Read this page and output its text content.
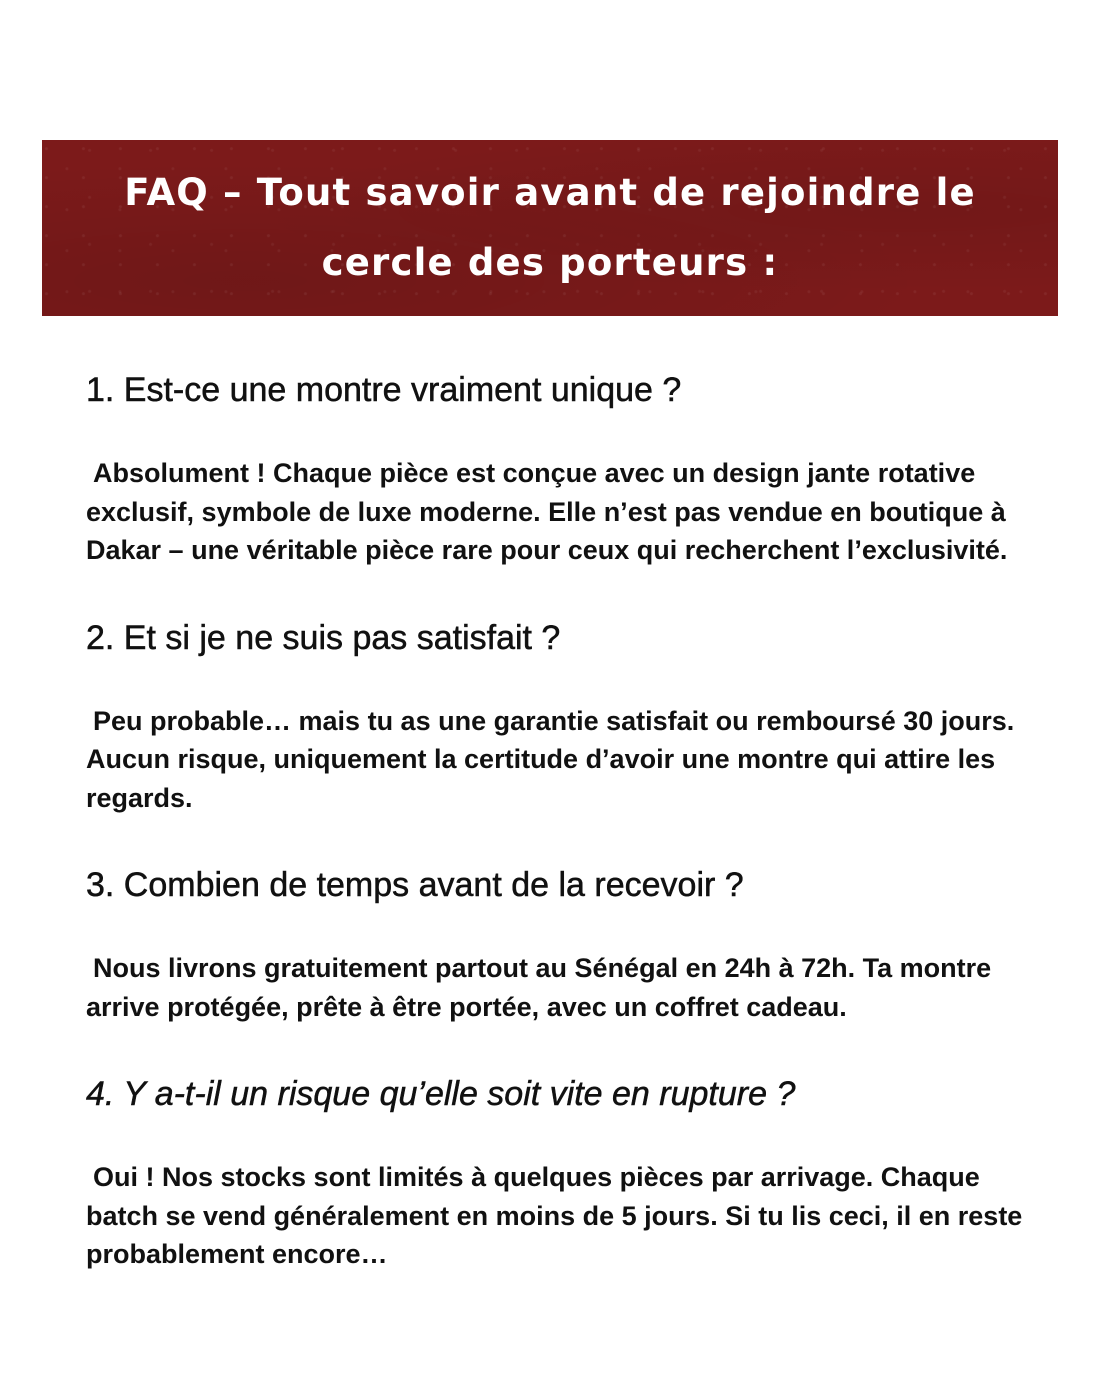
FAQ – Tout savoir avant de rejoindre le cercle des porteurs :
1. Est-ce une montre vraiment unique ?

Absolument ! Chaque pièce est conçue avec un design jante rotative exclusif, symbole de luxe moderne. Elle n’est pas vendue en boutique à Dakar – une véritable pièce rare pour ceux qui recherchent l’exclusivité.

2. Et si je ne suis pas satisfait ?

Peu probable… mais tu as une garantie satisfait ou remboursé 30 jours. Aucun risque, uniquement la certitude d’avoir une montre qui attire les regards.

3. Combien de temps avant de la recevoir ?

Nous livrons gratuitement partout au Sénégal en 24h à 72h. Ta montre arrive protégée, prête à être portée, avec un coffret cadeau.

4. Y a-t-il un risque qu’elle soit vite en rupture ?

Oui ! Nos stocks sont limités à quelques pièces par arrivage. Chaque batch se vend généralement en moins de 5 jours. Si tu lis ceci, il en reste probablement encore…
